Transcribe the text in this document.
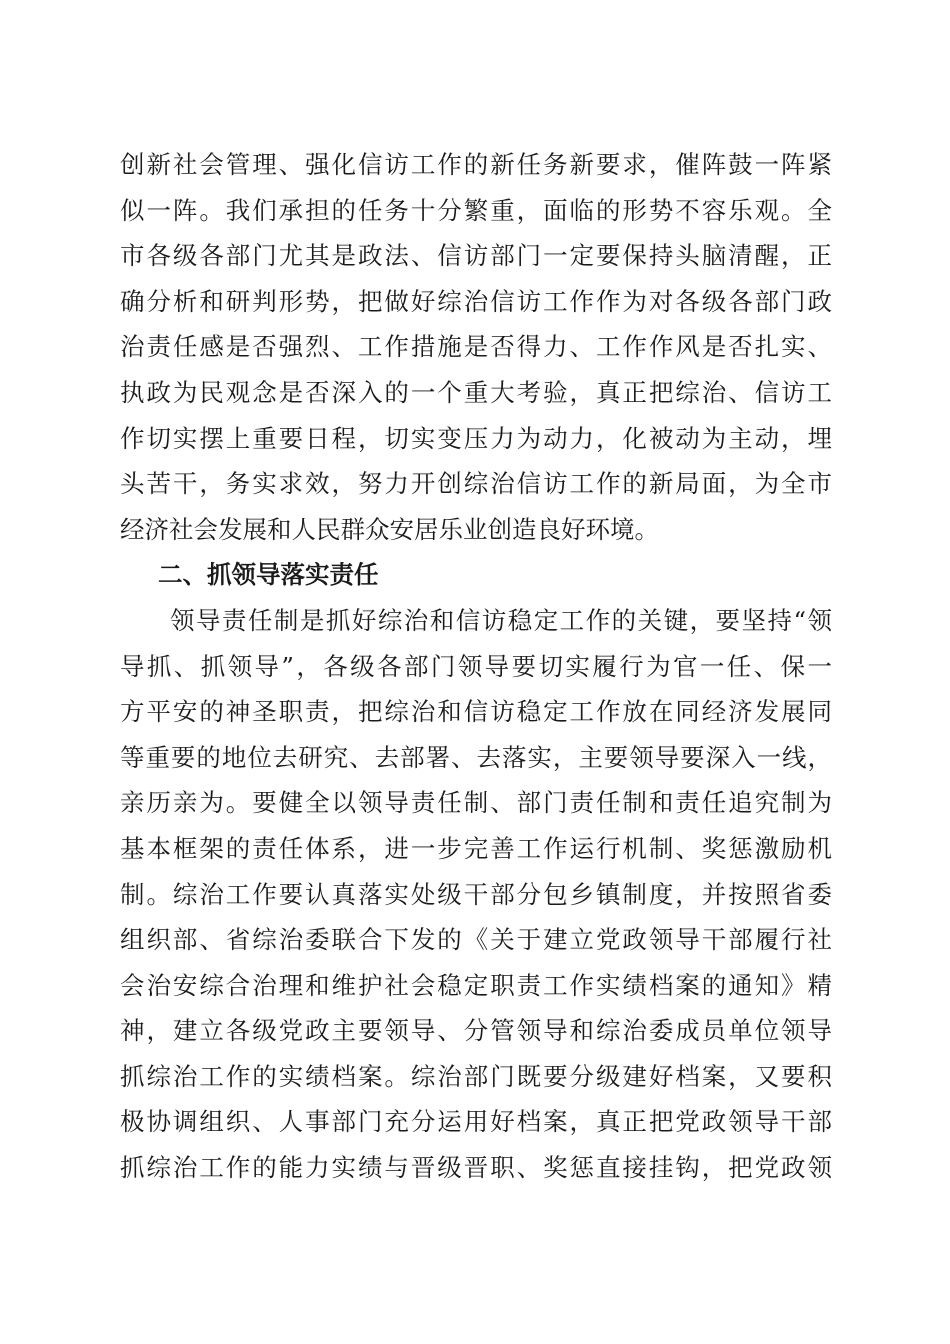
创新社会管理、强化信访工作的新任务新要求，催阵鼓一阵紧
似一阵。我们承担的任务十分繁重，面临的形势不容乐观。全
市各级各部门尤其是政法、信访部门一定要保持头脑清醒，正
确分析和研判形势，把做好综治信访工作作为对各级各部门政
治责任感是否强烈、工作措施是否得力、工作作风是否扎实、
执政为民观念是否深入的一个重大考验，真正把综治、信访工
作切实摆上重要日程，切实变压力为动力，化被动为主动，埋
头苦干，务实求效，努力开创综治信访工作的新局面，为全市
经济社会发展和人民群众安居乐业创造良好环境。
二、抓领导落实责任
领导责任制是抓好综治和信访稳定工作的关键，要坚持“领
导抓、抓领导”，各级各部门领导要切实履行为官一任、保一
方平安的神圣职责，把综治和信访稳定工作放在同经济发展同
等重要的地位去研究、去部署、去落实，主要领导要深入一线，
亲历亲为。要健全以领导责任制、部门责任制和责任追究制为
基本框架的责任体系，进一步完善工作运行机制、奖惩激励机
制。综治工作要认真落实处级干部分包乡镇制度，并按照省委
组织部、省综治委联合下发的《关于建立党政领导干部履行社
会治安综合治理和维护社会稳定职责工作实绩档案的通知》精
神，建立各级党政主要领导、分管领导和综治委成员单位领导
抓综治工作的实绩档案。综治部门既要分级建好档案，又要积
极协调组织、人事部门充分运用好档案，真正把党政领导干部
抓综治工作的能力实绩与晋级晋职、奖惩直接挂钩，把党政领
